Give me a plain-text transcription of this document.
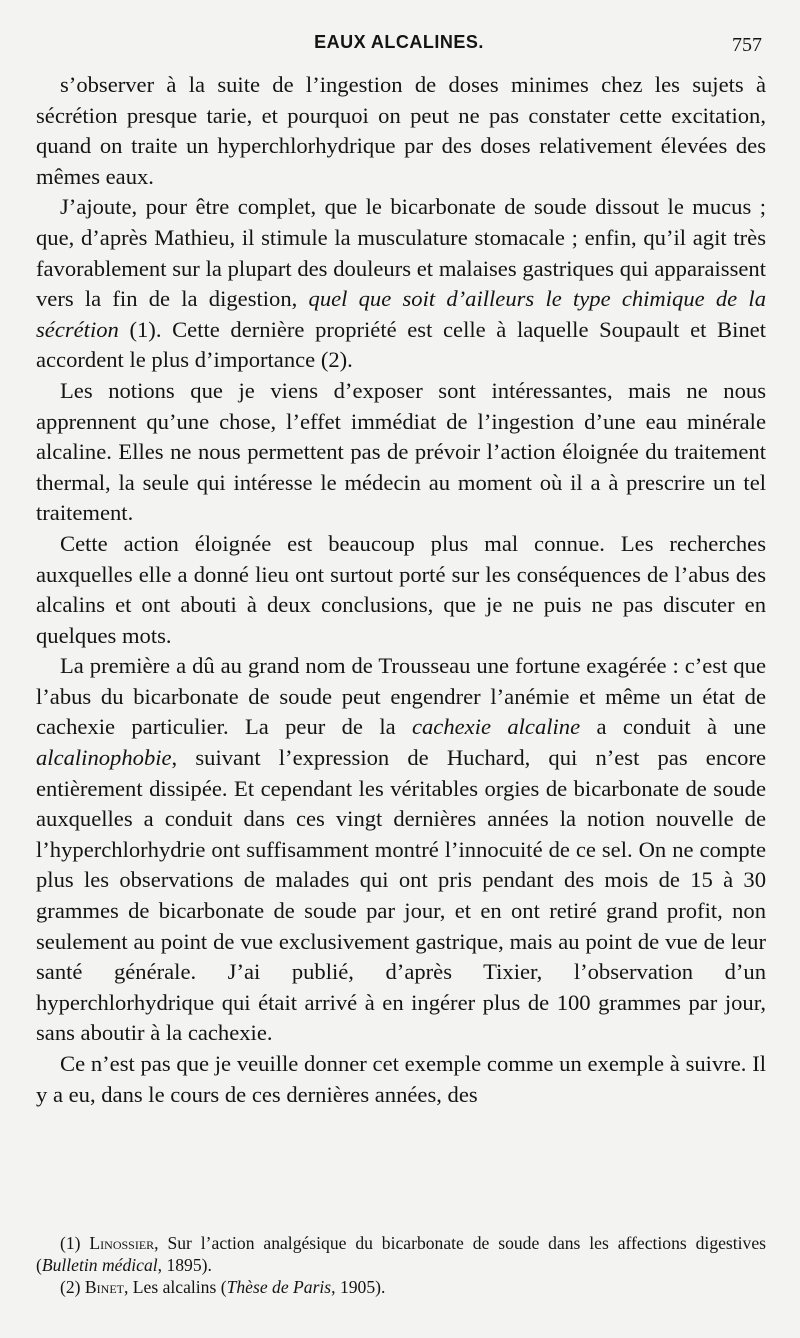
EAUX ALCALINES.	757

s’observer à la suite de l’ingestion de doses minimes chez les sujets à sécrétion presque tarie, et pourquoi on peut ne pas constater cette excitation, quand on traite un hyperchlorhydrique par des doses relativement élevées des mêmes eaux.

J’ajoute, pour être complet, que le bicarbonate de soude dissout le mucus ; que, d’après Mathieu, il stimule la musculature stomacale ; enfin, qu’il agit très favorablement sur la plupart des douleurs et malaises gastriques qui apparaissent vers la fin de la digestion, quel que soit d’ailleurs le type chimique de la sécrétion (1). Cette dernière propriété est celle à laquelle Soupault et Binet accordent le plus d’importance (2).

Les notions que je viens d’exposer sont intéressantes, mais ne nous apprennent qu’une chose, l’effet immédiat de l’ingestion d’une eau minérale alcaline. Elles ne nous permettent pas de prévoir l’action éloignée du traitement thermal, la seule qui intéresse le médecin au moment où il a à prescrire un tel traitement.

Cette action éloignée est beaucoup plus mal connue. Les recherches auxquelles elle a donné lieu ont surtout porté sur les conséquences de l’abus des alcalins et ont abouti à deux conclusions, que je ne puis ne pas discuter en quelques mots.

La première a dû au grand nom de Trousseau une fortune exagérée : c’est que l’abus du bicarbonate de soude peut engendrer l’anémie et même un état de cachexie particulier. La peur de la cachexie alcaline a conduit à une alcalinophobie, suivant l’expression de Huchard, qui n’est pas encore entièrement dissipée. Et cependant les véritables orgies de bicarbonate de soude auxquelles a conduit dans ces vingt dernières années la notion nouvelle de l’hyperchlorhydrie ont suffisamment montré l’innocuité de ce sel. On ne compte plus les observations de malades qui ont pris pendant des mois de 15 à 30 grammes de bicarbonate de soude par jour, et en ont retiré grand profit, non seulement au point de vue exclusivement gastrique, mais au point de vue de leur santé générale. J’ai publié, d’après Tixier, l’observation d’un hyperchlorhydrique qui était arrivé à en ingérer plus de 100 grammes par jour, sans aboutir à la cachexie.

Ce n’est pas que je veuille donner cet exemple comme un exemple à suivre. Il y a eu, dans le cours de ces dernières années, des

(1) Linossier, Sur l’action analgésique du bicarbonate de soude dans les affections digestives (Bulletin médical, 1895).

(2) Binet, Les alcalins (Thèse de Paris, 1905).
